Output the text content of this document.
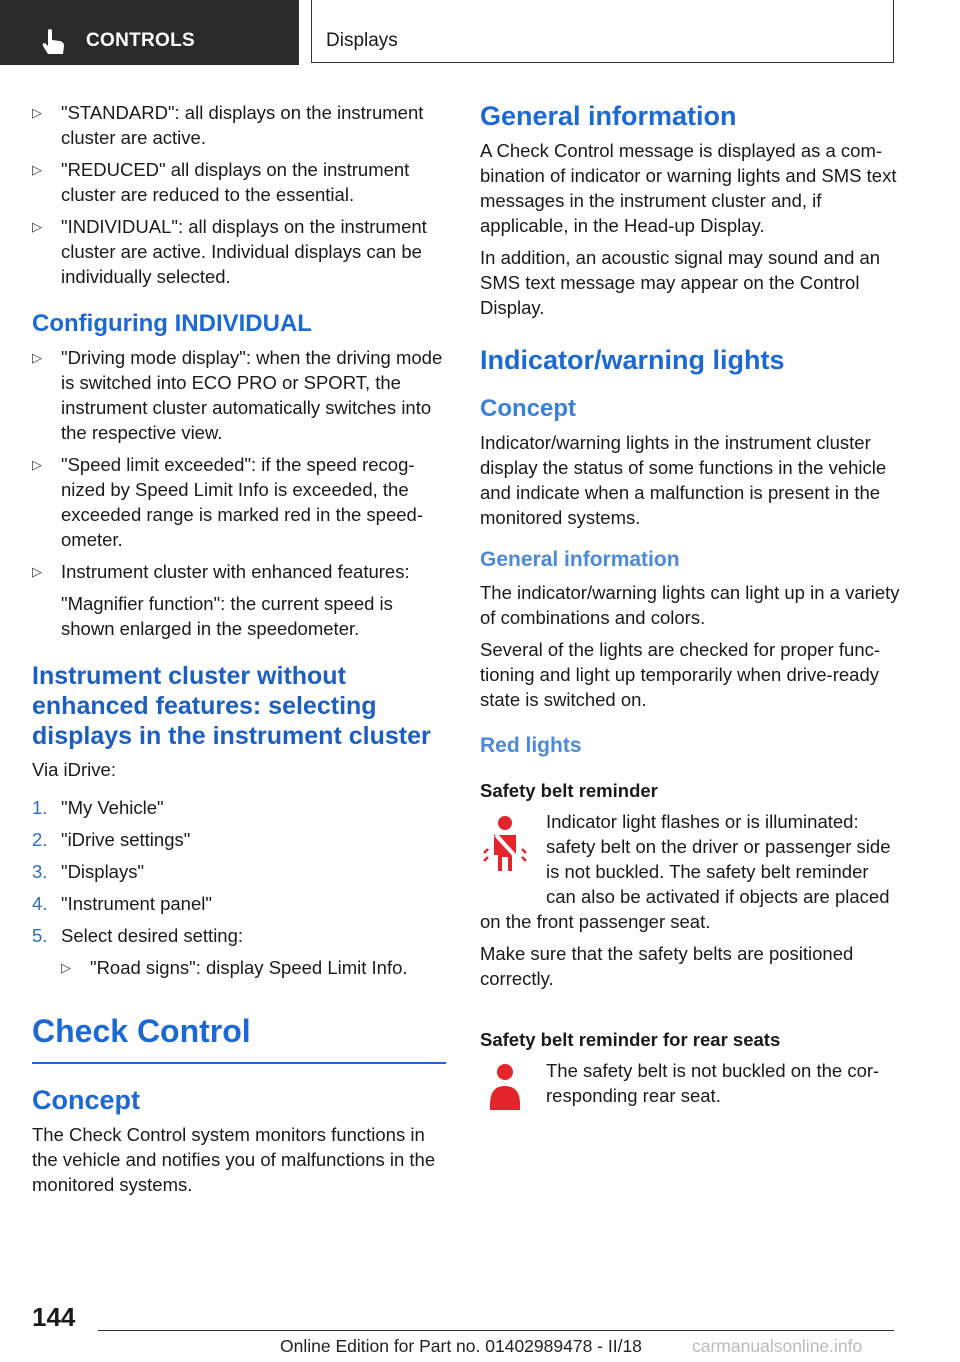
CONTROLS	Displays
▷ "STANDARD": all displays on the instrument cluster are active.
▷ "REDUCED" all displays on the instrument cluster are reduced to the essential.
▷ "INDIVIDUAL": all displays on the instrument cluster are active. Individual displays can be individually selected.
Configuring INDIVIDUAL
▷ "Driving mode display": when the driving mode is switched into ECO PRO or SPORT, the instrument cluster automatically switches into the respective view.
▷ "Speed limit exceeded": if the speed recognized by Speed Limit Info is exceeded, the exceeded range is marked red in the speedometer.
▷ Instrument cluster with enhanced features:
"Magnifier function": the current speed is shown enlarged in the speedometer.
Instrument cluster without enhanced features: selecting displays in the instrument cluster
Via iDrive:
1. "My Vehicle"
2. "iDrive settings"
3. "Displays"
4. "Instrument panel"
5. Select desired setting:
▷ "Road signs": display Speed Limit Info.
Check Control
Concept
The Check Control system monitors functions in the vehicle and notifies you of malfunctions in the monitored systems.
General information
A Check Control message is displayed as a combination of indicator or warning lights and SMS text messages in the instrument cluster and, if applicable, in the Head-up Display.
In addition, an acoustic signal may sound and an SMS text message may appear on the Control Display.
Indicator/warning lights
Concept
Indicator/warning lights in the instrument cluster display the status of some functions in the vehicle and indicate when a malfunction is present in the monitored systems.
General information
The indicator/warning lights can light up in a variety of combinations and colors.
Several of the lights are checked for proper functioning and light up temporarily when drive-ready state is switched on.
Red lights
Safety belt reminder
Indicator light flashes or is illuminated: safety belt on the driver or passenger side is not buckled. The safety belt reminder can also be activated if objects are placed on the front passenger seat.
Make sure that the safety belts are positioned correctly.
Safety belt reminder for rear seats
The safety belt is not buckled on the corresponding rear seat.
144
Online Edition for Part no. 01402989478 - II/18	carmanualsonline.info
